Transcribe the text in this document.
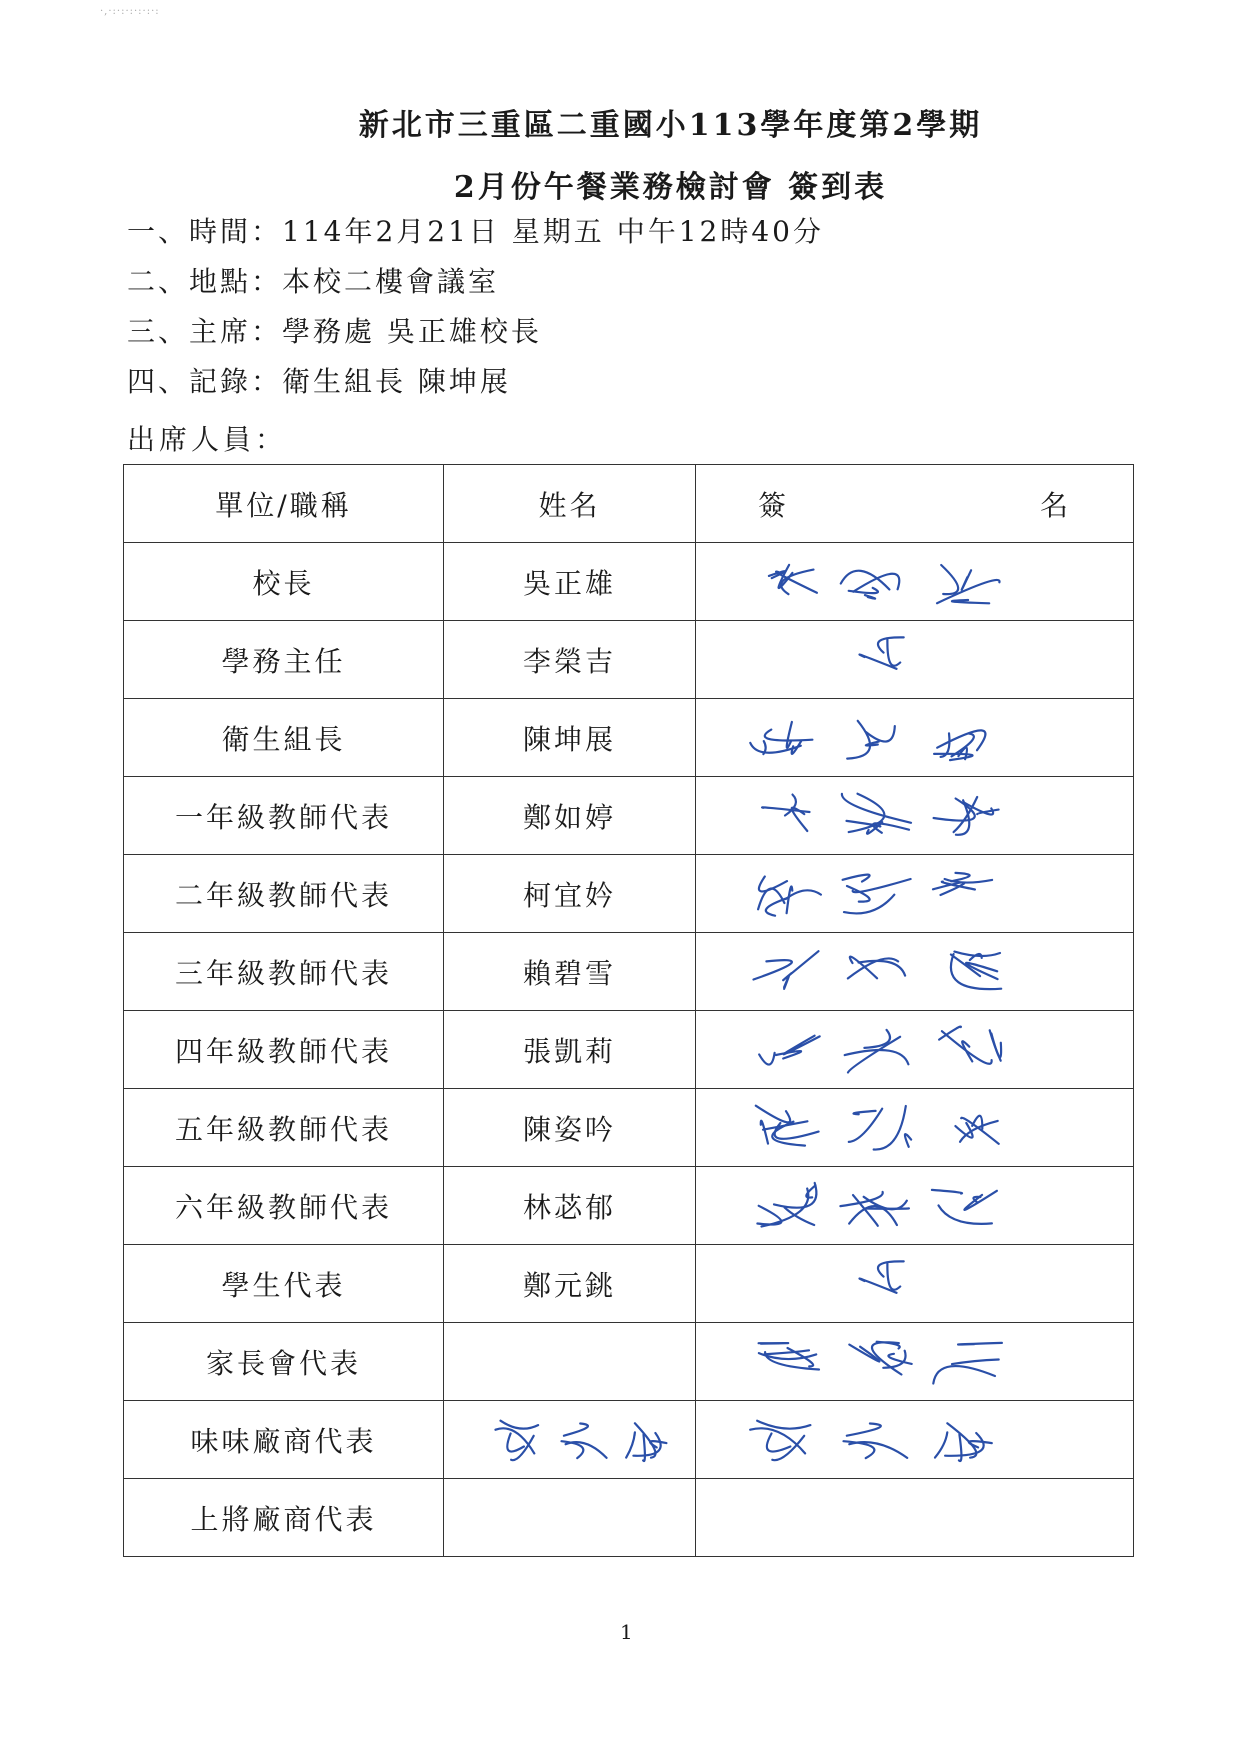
·,·:·:·:·:·:·:
新北市三重區二重國小113學年度第2學期
2月份午餐業務檢討會 簽到表
一、時間：114年2月21日 星期五 中午12時40分
二、地點：本校二樓會議室
三、主席：學務處 吳正雄校長
四、記錄：衛生組長 陳坤展
出席人員：
單位/職稱	姓名	簽 名

校長	吳正雄	

學務主任	李榮吉	

衛生組長	陳坤展	

一年級教師代表	鄭如婷	

二年級教師代表	柯宜妗	

三年級教師代表	賴碧雪	

四年級教師代表	張凱莉	

五年級教師代表	陳姿吟	

六年級教師代表	林苾郁	

學生代表	鄭元銚	

家長會代表		

味味廠商代表	

上將廠商代表		
1
